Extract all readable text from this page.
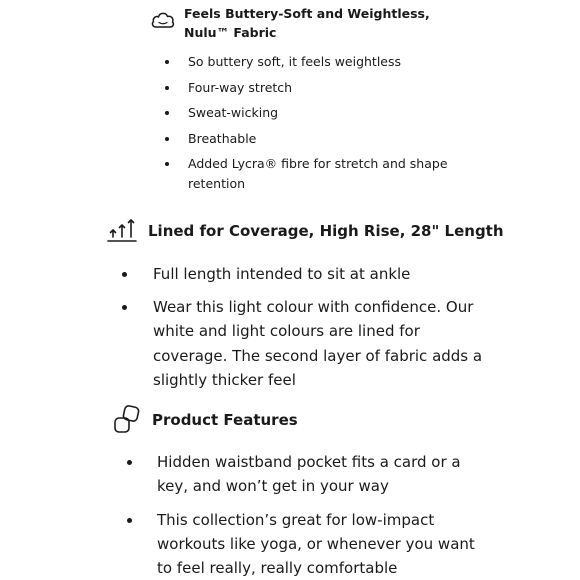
Feels Buttery-Soft and Weightless,
Nulu™ Fabric
So buttery soft, it feels weightless
Four-way stretch
Sweat-wicking
Breathable
Added Lycra® fibre for stretch and shape retention
Lined for Coverage, High Rise, 28" Length
Full length intended to sit at ankle
Wear this light colour with confidence. Our white and light colours are lined for coverage. The second layer of fabric adds a slightly thicker feel
Product Features
Hidden waistband pocket fits a card or a key, and won’t get in your way
This collection’s great for low-impact workouts like yoga, or whenever you want to feel really, really comfortable
